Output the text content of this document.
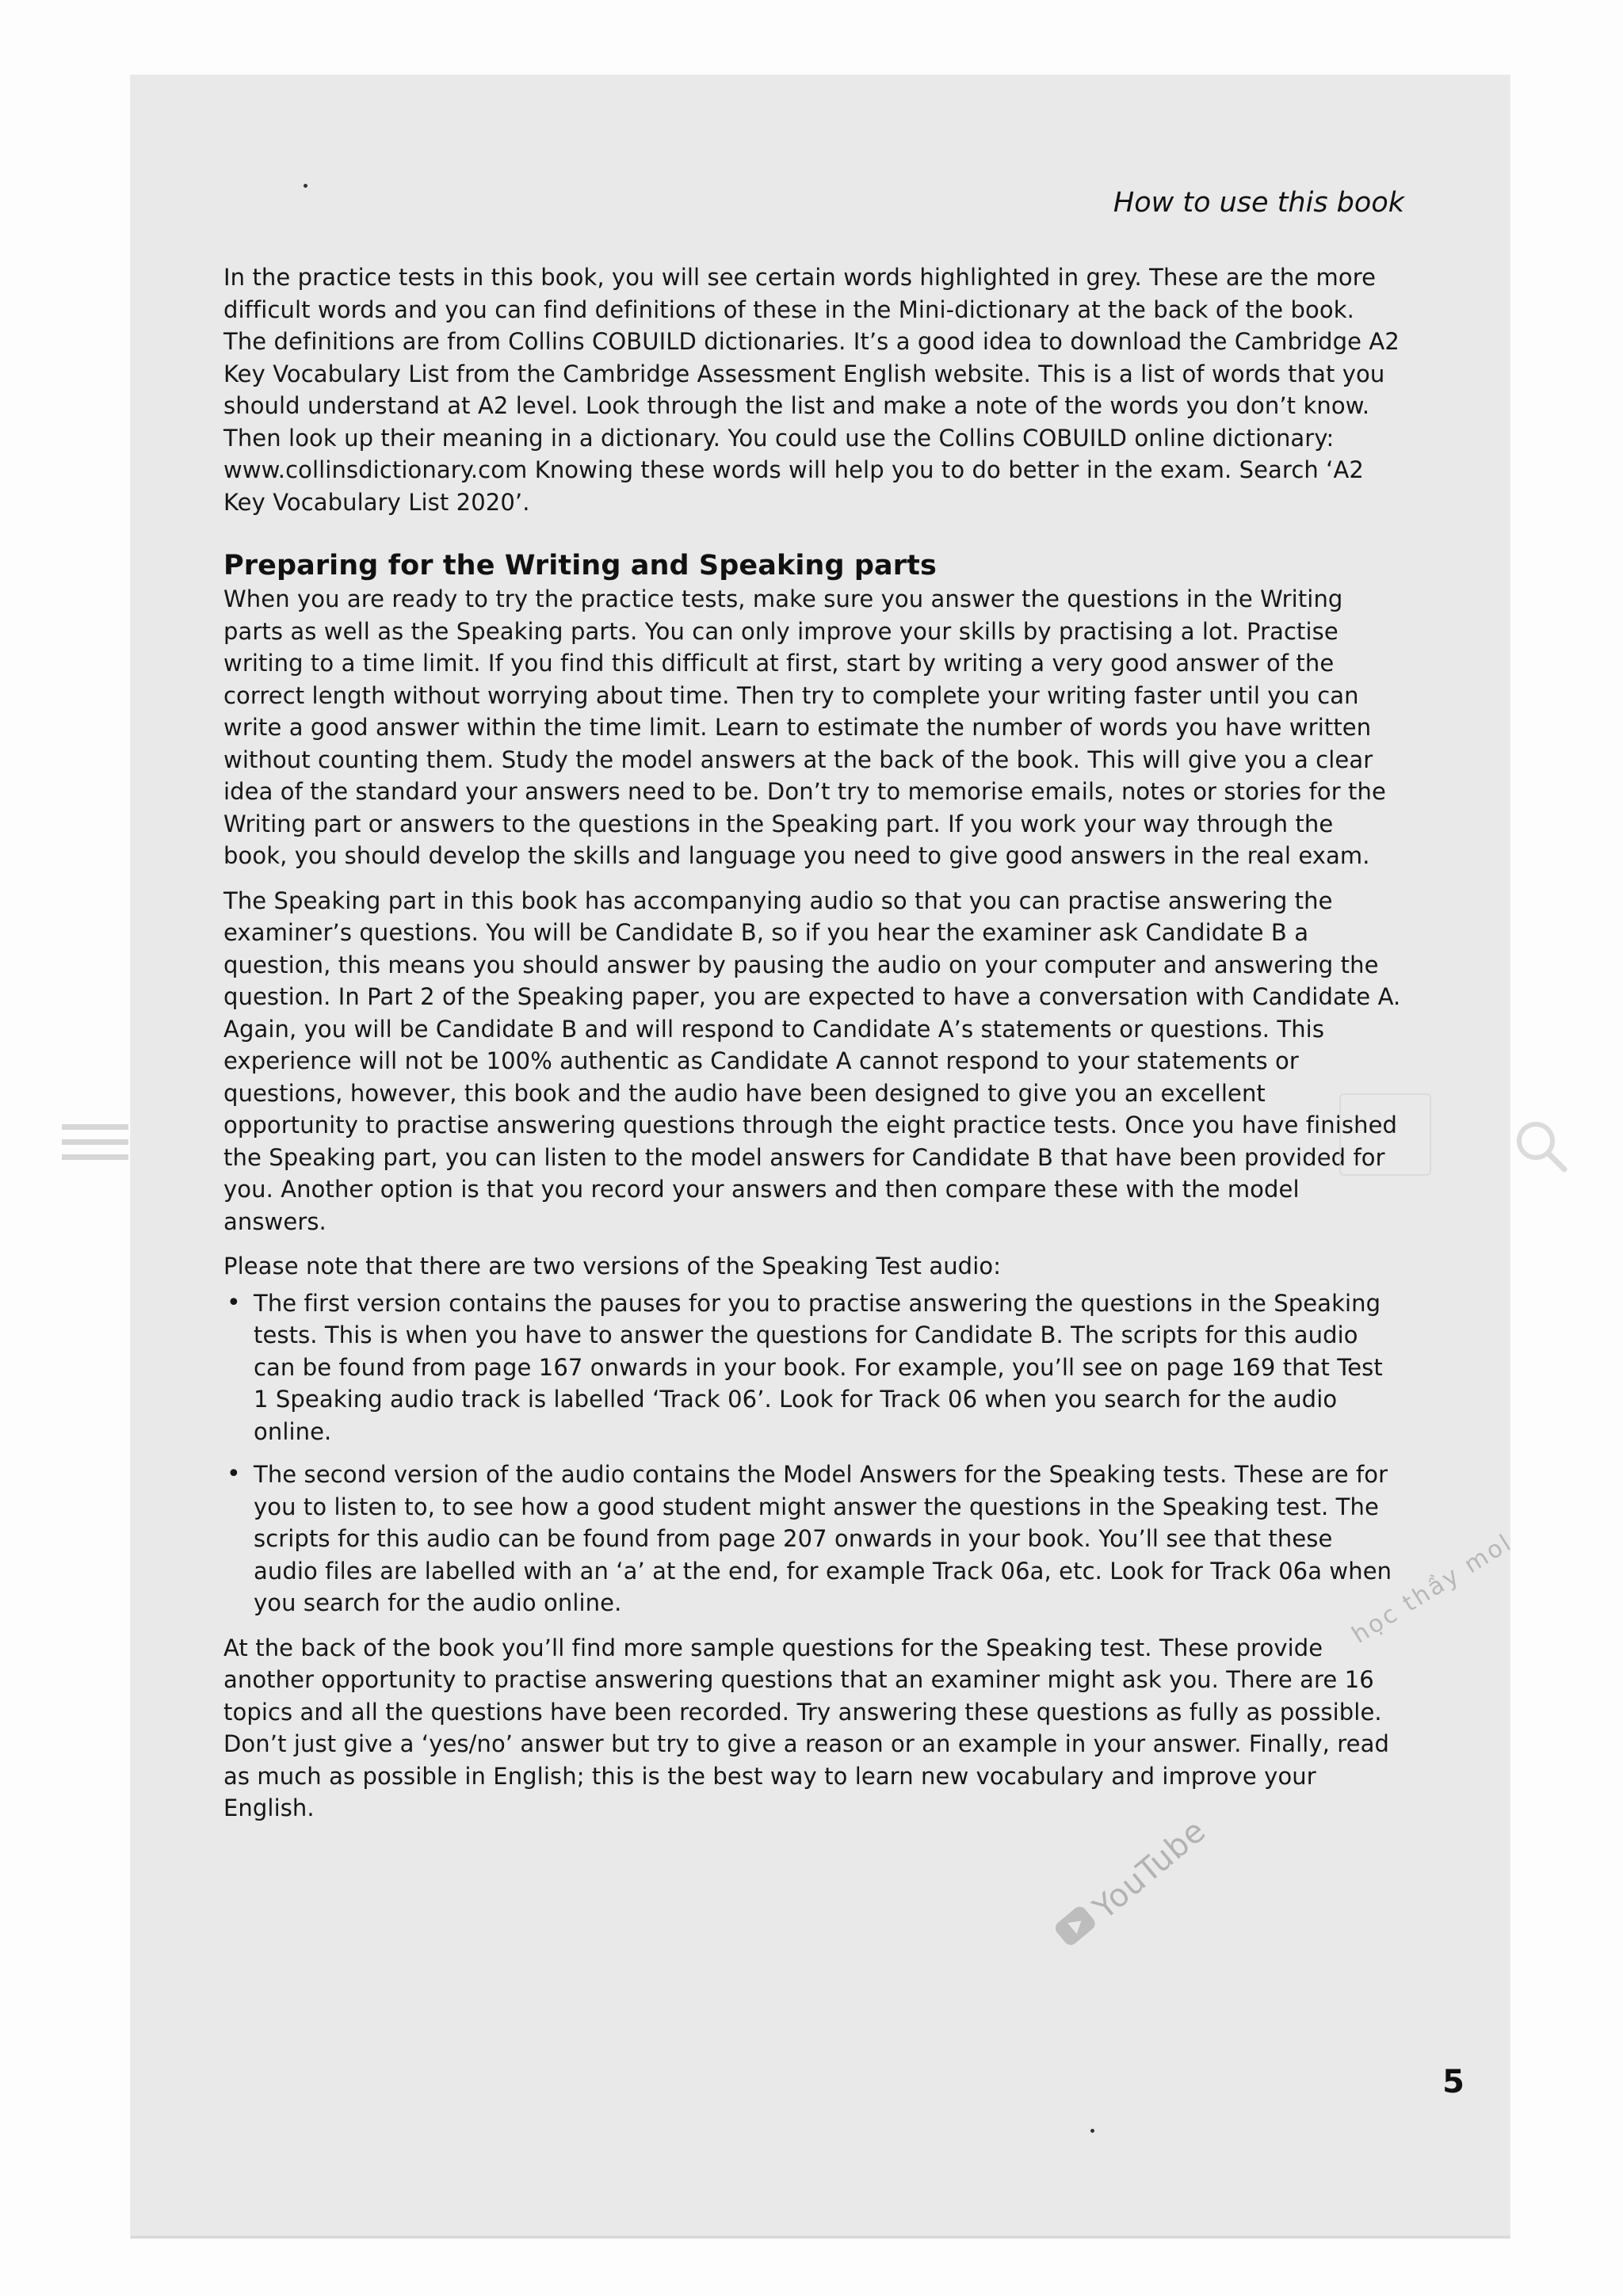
How to use this book

In the practice tests in this book, you will see certain words highlighted in grey. These are the more difficult words and you can find definitions of these in the Mini-dictionary at the back of the book. The definitions are from Collins COBUILD dictionaries. It’s a good idea to download the Cambridge A2 Key Vocabulary List from the Cambridge Assessment English website. This is a list of words that you should understand at A2 level. Look through the list and make a note of the words you don’t know. Then look up their meaning in a dictionary. You could use the Collins COBUILD online dictionary: www.collinsdictionary.com Knowing these words will help you to do better in the exam. Search ‘A2 Key Vocabulary List 2020’.

Preparing for the Writing and Speaking parts

When you are ready to try the practice tests, make sure you answer the questions in the Writing parts as well as the Speaking parts. You can only improve your skills by practising a lot. Practise writing to a time limit. If you find this difficult at first, start by writing a very good answer of the correct length without worrying about time. Then try to complete your writing faster until you can write a good answer within the time limit. Learn to estimate the number of words you have written without counting them. Study the model answers at the back of the book. This will give you a clear idea of the standard your answers need to be. Don’t try to memorise emails, notes or stories for the Writing part or answers to the questions in the Speaking part. If you work your way through the book, you should develop the skills and language you need to give good answers in the real exam.

The Speaking part in this book has accompanying audio so that you can practise answering the examiner’s questions. You will be Candidate B, so if you hear the examiner ask Candidate B a question, this means you should answer by pausing the audio on your computer and answering the question. In Part 2 of the Speaking paper, you are expected to have a conversation with Candidate A. Again, you will be Candidate B and will respond to Candidate A’s statements or questions. This experience will not be 100% authentic as Candidate A cannot respond to your statements or questions, however, this book and the audio have been designed to give you an excellent opportunity to practise answering questions through the eight practice tests. Once you have finished the Speaking part, you can listen to the model answers for Candidate B that have been provided for you. Another option is that you record your answers and then compare these with the model answers.

Please note that there are two versions of the Speaking Test audio:

• The first version contains the pauses for you to practise answering the questions in the Speaking tests. This is when you have to answer the questions for Candidate B. The scripts for this audio can be found from page 167 onwards in your book. For example, you’ll see on page 169 that Test 1 Speaking audio track is labelled ‘Track 06’. Look for Track 06 when you search for the audio online.
• The second version of the audio contains the Model Answers for the Speaking tests. These are for you to listen to, to see how a good student might answer the questions in the Speaking test. The scripts for this audio can be found from page 207 onwards in your book. You’ll see that these audio files are labelled with an ‘a’ at the end, for example Track 06a, etc. Look for Track 06a when you search for the audio online.

At the back of the book you’ll find more sample questions for the Speaking test. These provide another opportunity to practise answering questions that an examiner might ask you. There are 16 topics and all the questions have been recorded. Try answering these questions as fully as possible. Don’t just give a ‘yes/no’ answer but try to give a reason or an example in your answer. Finally, read as much as possible in English; this is the best way to learn new vocabulary and improve your English.

5
học thầy mol
YouTube
